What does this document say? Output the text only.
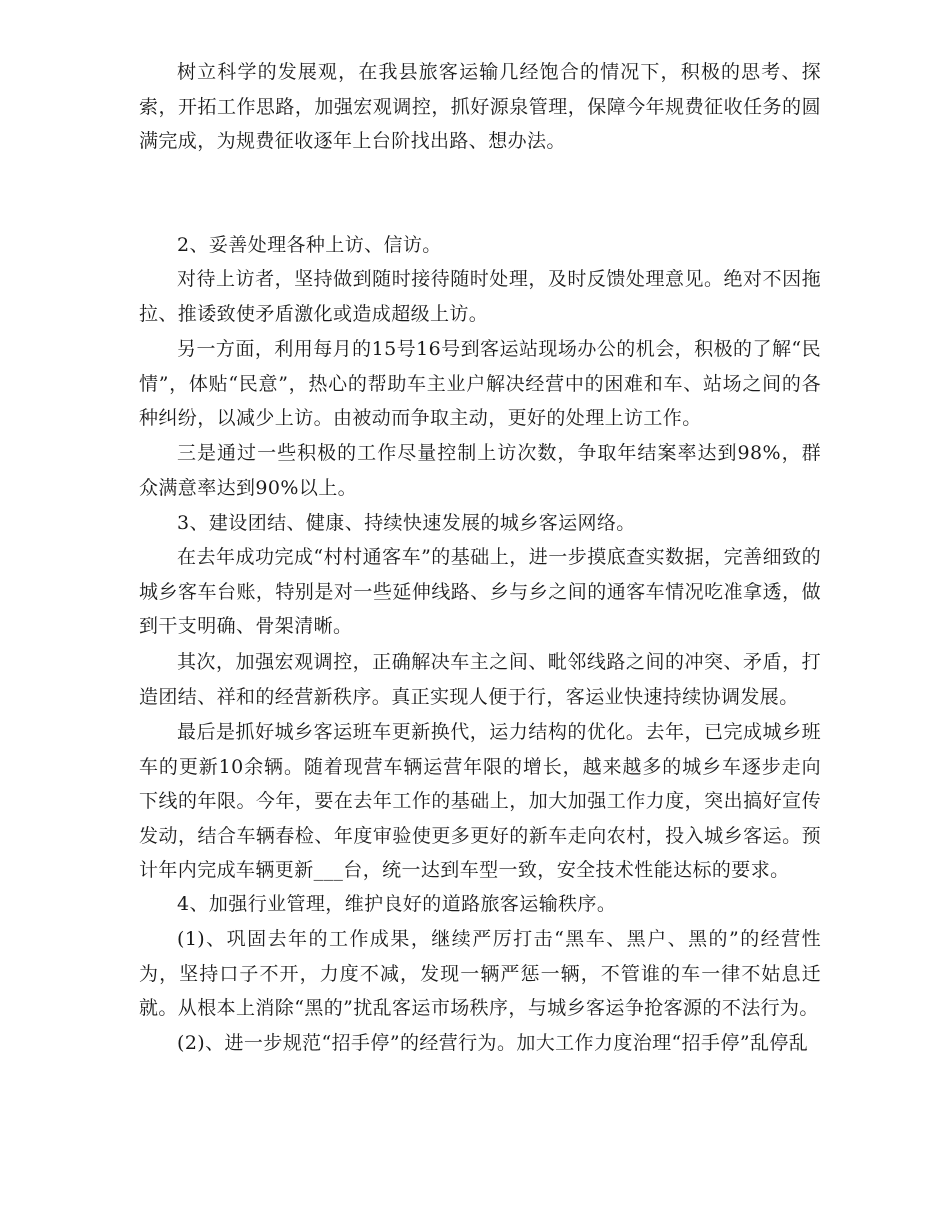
树立科学的发展观，在我县旅客运输几经饱合的情况下，积极的思考、探索，开拓工作思路，加强宏观调控，抓好源泉管理，保障今年规费征收任务的圆满完成，为规费征收逐年上台阶找出路、想办法。

2、妥善处理各种上访、信访。

对待上访者，坚持做到随时接待随时处理，及时反馈处理意见。绝对不因拖拉、推诿致使矛盾激化或造成超级上访。

另一方面，利用每月的15号16号到客运站现场办公的机会，积极的了解“民情”，体贴“民意”，热心的帮助车主业户解决经营中的困难和车、站场之间的各种纠纷，以减少上访。由被动而争取主动，更好的处理上访工作。

三是通过一些积极的工作尽量控制上访次数，争取年结案率达到98%，群众满意率达到90%以上。

3、建设团结、健康、持续快速发展的城乡客运网络。

在去年成功完成“村村通客车”的基础上，进一步摸底查实数据，完善细致的城乡客车台账，特别是对一些延伸线路、乡与乡之间的通客车情况吃准拿透，做到干支明确、骨架清晰。

其次，加强宏观调控，正确解决车主之间、毗邻线路之间的冲突、矛盾，打造团结、祥和的经营新秩序。真正实现人便于行，客运业快速持续协调发展。

最后是抓好城乡客运班车更新换代，运力结构的优化。去年，已完成城乡班车的更新10余辆。随着现营车辆运营年限的增长，越来越多的城乡车逐步走向下线的年限。今年，要在去年工作的基础上，加大加强工作力度，突出搞好宣传发动，结合车辆春检、年度审验使更多更好的新车走向农村，投入城乡客运。预计年内完成车辆更新___台，统一达到车型一致，安全技术性能达标的要求。

4、加强行业管理，维护良好的道路旅客运输秩序。

(1)、巩固去年的工作成果，继续严厉打击“黑车、黑户、黑的”的经营性为，坚持口子不开，力度不减，发现一辆严惩一辆，不管谁的车一律不姑息迁就。从根本上消除“黑的”扰乱客运市场秩序，与城乡客运争抢客源的不法行为。

(2)、进一步规范“招手停”的经营行为。加大工作力度治理“招手停”乱停乱
